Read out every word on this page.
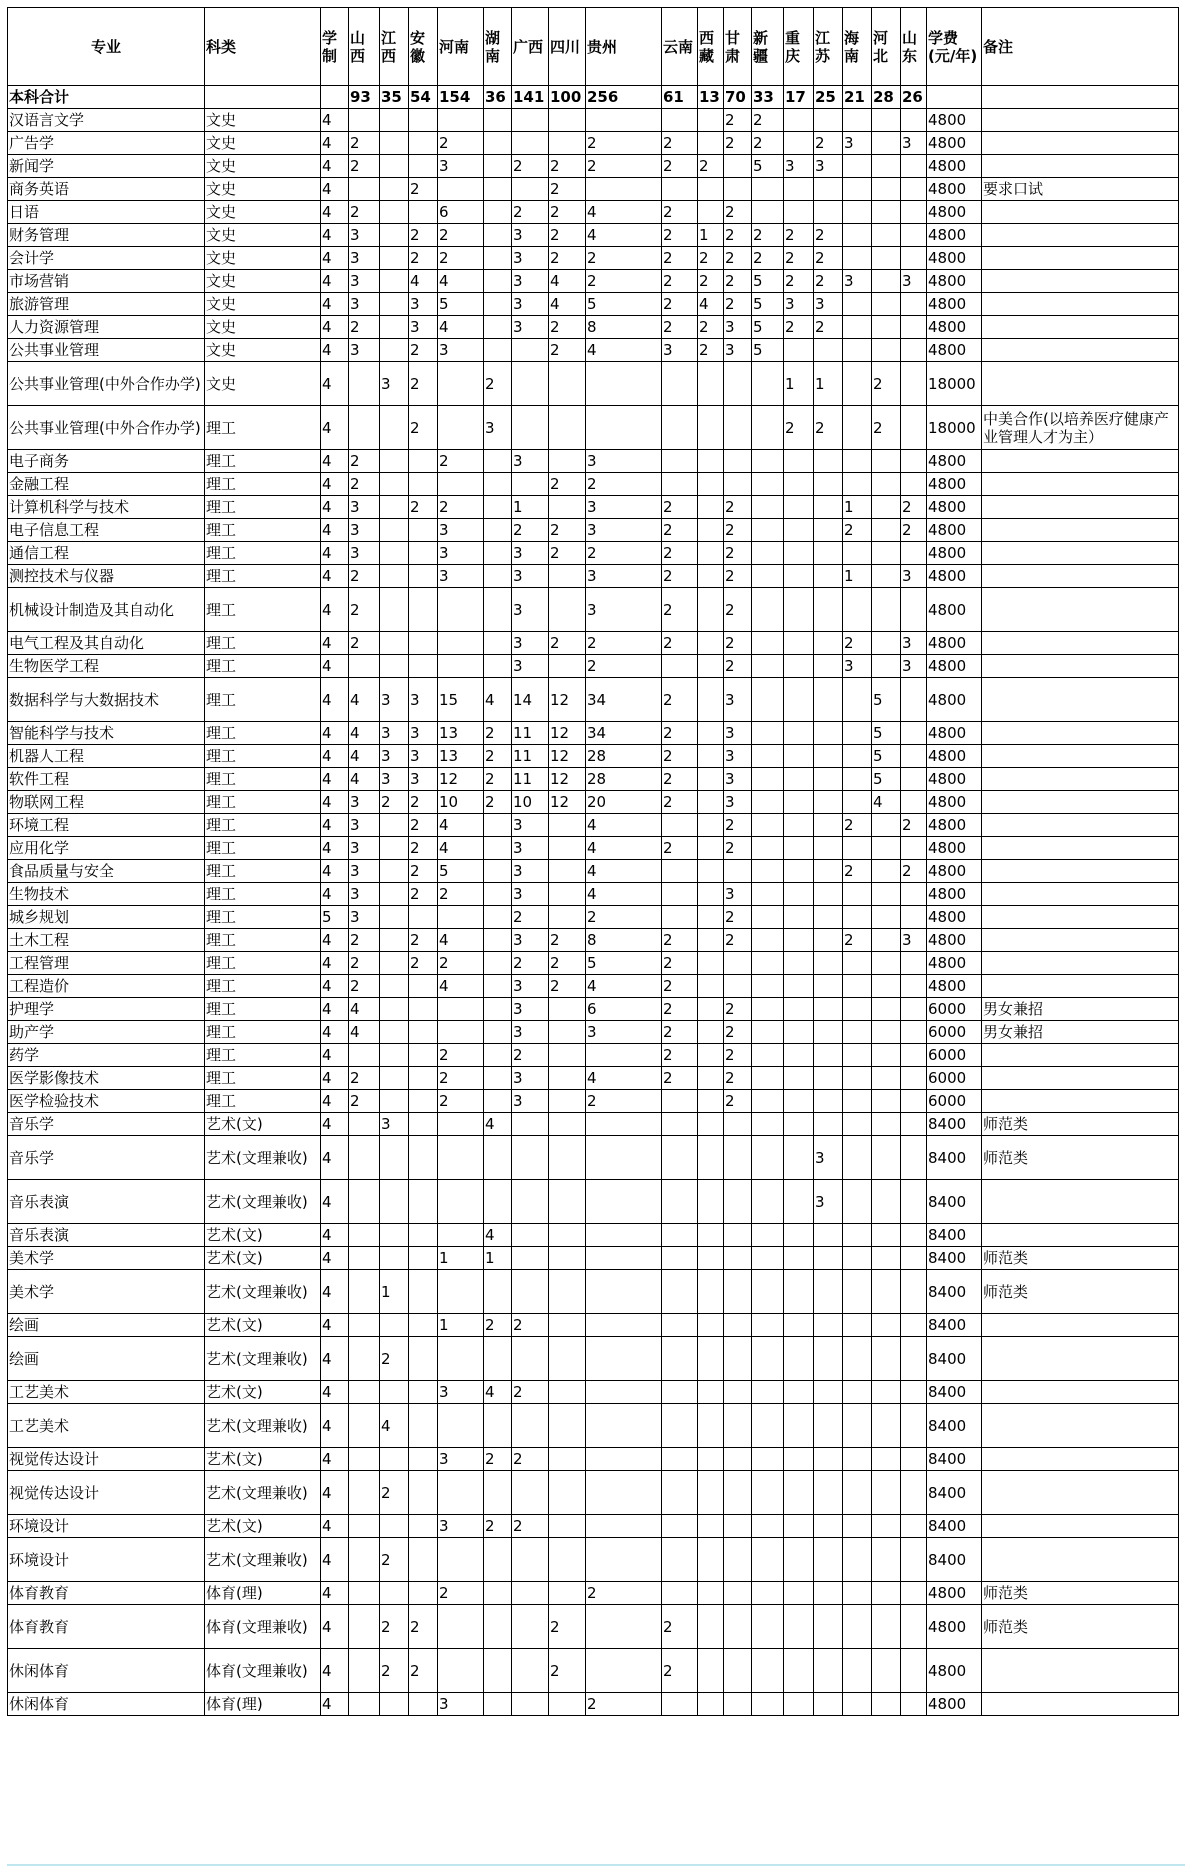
专业	科类	学制	山西	江西	安徽	河南	湖南	广西	四川	贵州	云南	西藏	甘肃	新疆	重庆	江苏	海南	河北	山东	学费(元/年)	备注
本科合计			93	35	54	154	36	141	100	256	61	13	70	33	17	25	21	28	26		
汉语言文学	文史	4											2	2						4800	
广告学	文史	4	2			2				2	2		2	2		2	3		3	4800	
新闻学	文史	4	2			3		2	2	2	2	2		5	3	3				4800	
商务英语	文史	4			2				2											4800	要求口试
日语	文史	4	2			6		2	2	4	2		2							4800	
财务管理	文史	4	3		2	2		3	2	4	2	1	2	2	2	2				4800	
会计学	文史	4	3		2	2		3	2	2	2	2	2	2	2	2				4800	
市场营销	文史	4	3		4	4		3	4	2	2	2	2	5	2	2	3		3	4800	
旅游管理	文史	4	3		3	5		3	4	5	2	4	2	5	3	3				4800	
人力资源管理	文史	4	2		3	4		3	2	8	2	2	3	5	2	2				4800	
公共事业管理	文史	4	3		2	3			2	4	3	2	3	5						4800	
公共事业管理(中外合作办学)	文史	4		3	2		2								1	1		2		18000	
公共事业管理(中外合作办学)	理工	4			2		3								2	2		2		18000	中美合作(以培养医疗健康产业管理人才为主）
电子商务	理工	4	2			2		3		3										4800	
金融工程	理工	4	2						2	2										4800	
计算机科学与技术	理工	4	3		2	2		1		3	2		2				1		2	4800	
电子信息工程	理工	4	3			3		2	2	3	2		2				2		2	4800	
通信工程	理工	4	3			3		3	2	2	2		2							4800	
测控技术与仪器	理工	4	2			3		3		3	2		2				1		3	4800	
机械设计制造及其自动化	理工	4	2					3		3	2		2							4800	
电气工程及其自动化	理工	4	2					3	2	2	2		2				2		3	4800	
生物医学工程	理工	4						3		2			2				3		3	4800	
数据科学与大数据技术	理工	4	4	3	3	15	4	14	12	34	2		3					5		4800	
智能科学与技术	理工	4	4	3	3	13	2	11	12	34	2		3					5		4800	
机器人工程	理工	4	4	3	3	13	2	11	12	28	2		3					5		4800	
软件工程	理工	4	4	3	3	12	2	11	12	28	2		3					5		4800	
物联网工程	理工	4	3	2	2	10	2	10	12	20	2		3					4		4800	
环境工程	理工	4	3		2	4		3		4			2				2		2	4800	
应用化学	理工	4	3		2	4		3		4	2		2							4800	
食品质量与安全	理工	4	3		2	5		3		4							2		2	4800	
生物技术	理工	4	3		2	2		3		4			3							4800	
城乡规划	理工	5	3					2		2			2							4800	
土木工程	理工	4	2		2	4		3	2	8	2		2				2		3	4800	
工程管理	理工	4	2		2	2		2	2	5	2									4800	
工程造价	理工	4	2			4		3	2	4	2									4800	
护理学	理工	4	4					3		6	2		2							6000	男女兼招
助产学	理工	4	4					3		3	2		2							6000	男女兼招
药学	理工	4				2		2			2		2							6000	
医学影像技术	理工	4	2			2		3		4	2		2							6000	
医学检验技术	理工	4	2			2		3		2			2							6000	
音乐学	艺术(文)	4		3			4													8400	师范类
音乐学	艺术(文理兼收)	4														3				8400	师范类
音乐表演	艺术(文理兼收)	4														3				8400	
音乐表演	艺术(文)	4					4													8400	
美术学	艺术(文)	4				1	1													8400	师范类
美术学	艺术(文理兼收)	4		1																8400	师范类
绘画	艺术(文)	4				1	2	2												8400	
绘画	艺术(文理兼收)	4		2																8400	
工艺美术	艺术(文)	4				3	4	2												8400	
工艺美术	艺术(文理兼收)	4		4																8400	
视觉传达设计	艺术(文)	4				3	2	2												8400	
视觉传达设计	艺术(文理兼收)	4		2																8400	
环境设计	艺术(文)	4				3	2	2												8400	
环境设计	艺术(文理兼收)	4		2																8400	
体育教育	体育(理)	4				2				2										4800	师范类
体育教育	体育(文理兼收)	4		2	2				2		2									4800	师范类
休闲体育	体育(文理兼收)	4		2	2				2		2									4800	
休闲体育	体育(理)	4				3				2										4800	
